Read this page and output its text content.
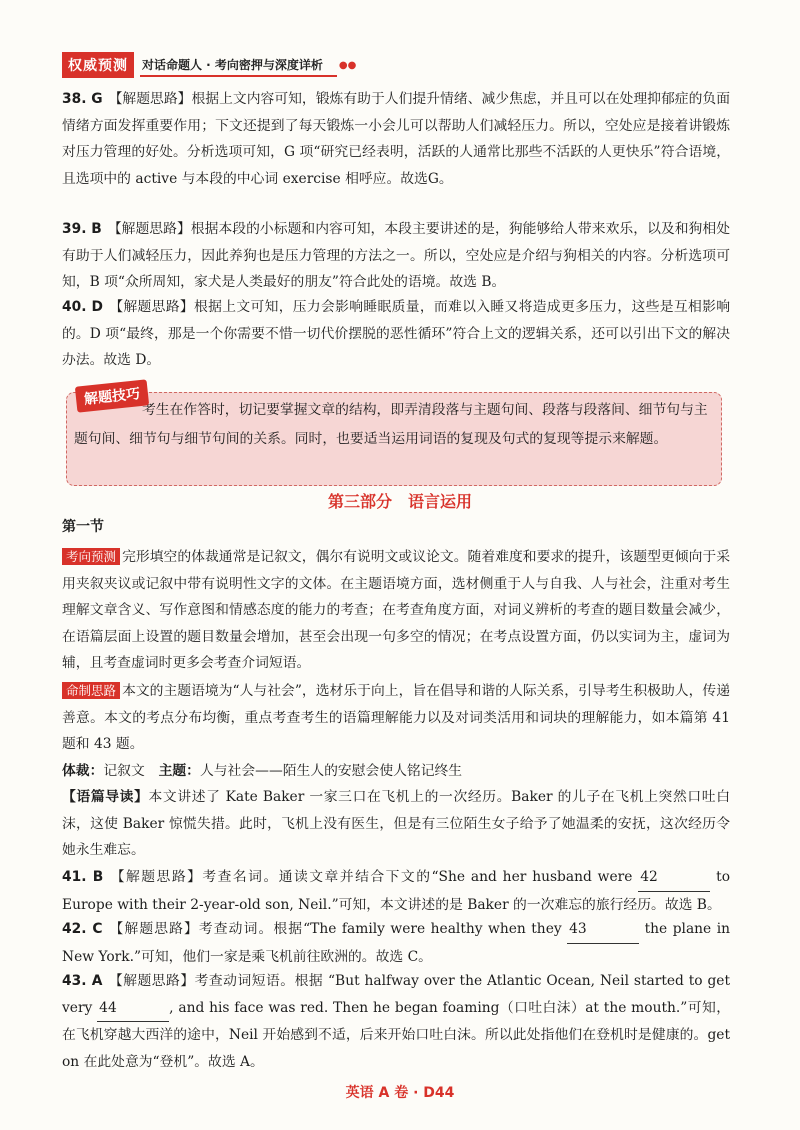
权威预测	对话命题人 · 考向密押与深度详析	●●

38. G 【解题思路】根据上文内容可知，锻炼有助于人们提升情绪、减少焦虑，并且可以在处理抑郁症的负面情绪方面发挥重要作用；下文还提到了每天锻炼一小会儿可以帮助人们减轻压力。所以，空处应是接着讲锻炼对压力管理的好处。分析选项可知，G 项“研究已经表明，活跃的人通常比那些不活跃的人更快乐”符合语境，且选项中的 active 与本段的中心词 exercise 相呼应。故选G。

39. B 【解题思路】根据本段的小标题和内容可知，本段主要讲述的是，狗能够给人带来欢乐，以及和狗相处有助于人们减轻压力，因此养狗也是压力管理的方法之一。所以，空处应是介绍与狗相关的内容。分析选项可知，B 项“众所周知，家犬是人类最好的朋友”符合此处的语境。故选 B。

40. D 【解题思路】根据上文可知，压力会影响睡眠质量，而难以入睡又将造成更多压力，这些是互相影响的。D 项“最终，那是一个你需要不惜一切代价摆脱的恶性循环”符合上文的逻辑关系，还可以引出下文的解决办法。故选 D。

考生在作答时，切记要掌握文章的结构，即弄清段落与主题句间、段落与段落间、细节句与主题句间、细节句与细节句间的关系。同时，也要适当运用词语的复现及句式的复现等提示来解题。

解题技巧
第三部分　语言运用

第一节

考向预测 完形填空的体裁通常是记叙文，偶尔有说明文或议论文。随着难度和要求的提升，该题型更倾向于采用夹叙夹议或记叙中带有说明性文字的文体。在主题语境方面，选材侧重于人与自我、人与社会，注重对考生理解文章含义、写作意图和情感态度的能力的考查；在考查角度方面，对词义辨析的考查的题目数量会减少，在语篇层面上设置的题目数量会增加，甚至会出现一句多空的情况；在考点设置方面，仍以实词为主，虚词为辅，且考查虚词时更多会考查介词短语。

命制思路 本文的主题语境为“人与社会”，选材乐于向上，旨在倡导和谐的人际关系，引导考生积极助人，传递善意。本文的考点分布均衡，重点考查考生的语篇理解能力以及对词类活用和词块的理解能力，如本篇第 41 题和 43 题。

体裁：记叙文　 主题：人与社会——陌生人的安慰会使人铭记终生

【语篇导读】本文讲述了 Kate Baker 一家三口在飞机上的一次经历。Baker 的儿子在飞机上突然口吐白沫，这使 Baker 惊慌失措。此时，飞机上没有医生，但是有三位陌生女子给予了她温柔的安抚，这次经历令她永生难忘。

41. B 【解题思路】考查名词。通读文章并结合下文的“She and her husband were 42	to Europe with their 2-year-old son, Neil.”可知，本文讲述的是 Baker 的一次难忘的旅行经历。故选 B。

42. C 【解题思路】考查动词。根据“The family were healthy when they 43	the plane in New York.”可知，他们一家是乘飞机前往欧洲的。故选 C。

43. A 【解题思路】考查动词短语。根据 “But halfway over the Atlantic Ocean, Neil started to get very 44	, and his face was red. Then he began foaming（口吐白沫）at the mouth.”可知，在飞机穿越大西洋的途中，Neil 开始感到不适，后来开始口吐白沫。所以此处指他们在登机时是健康的。get on 在此处意为“登机”。故选 A。

英语 A 卷 · D44
